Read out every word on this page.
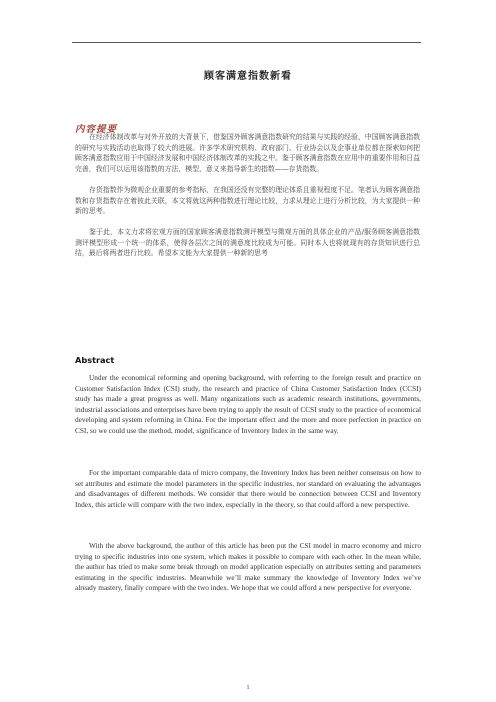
顾客满意指数新看
内容提要
在经济体制改革与对外开放的大背景下，借鉴国外顾客满意指数研究的结果与实践的经验，中国顾客满意指数的研究与实践活动也取得了较大的进展。许多学术研究机构、政府部门、行业协会以及企事业单位都在探索如何把顾客满意指数应用于中国经济发展和中国经济体制改革的实践之中。鉴于顾客满意指数在应用中的重要作用和日益完善，我们可以运用该指数的方法，模型，意义来指导新生的指数——存货指数。
存货指数作为微观企业重要的参考指标，在我国还没有完整的理论体系且重视程度不足。笔者认为顾客满意指数和存货指数存在着彼此关联，本文将就这两种指数进行理论比较，力求从理论上进行分析比较，为大家提供一种新的思考。
鉴于此，本文力求将宏观方面的国家顾客满意指数测评模型与微观方面的具体企业的产品/服务顾客满意指数测评模型形成一个统一的体系，使得各层次之间的满意度比较成为可能。同时本人也将就现有的存货知识进行总结，最后将两者进行比较。希望本文能为大家提供一种新的思考
Abstract
Under the economical reforming and opening background, with referring to the foreign result and practice on Customer Satisfaction Index (CSI) study, the research and practice of China Customer Satisfaction Index (CCSI) study has made a great progress as well. Many organizations such as academic research institutions, governments, industrial associations and enterprises have been trying to apply the result of CCSI study to the practice of economical developing and system reforming in China. For the important effect and the more and more perfection in practice on CSI, so we could use the method, model, significance of Inventory Index in the same way.
For the important comparable data of micro company, the Inventory Index has been neither consensus on how to set attributes and estimate the model parameters in the specific industries, nor standard on evaluating the advantages and disadvantages of different methods. We consider that there would be connection between CCSI and Inventory Index, this article will compare with the two index, especially in the theory, so that could afford a new perspective.
With the above background, the author of this article has been put the CSI model in macro economy and micro trying to specific industries into one system, which makes it possible to compare with each other. In the mean while, the author has tried to make some break through on model application especially on attributes setting and parameters estimating in the specific industries. Meanwhile we’ll make summary the knowledge of Inventory Index we’ve already mastery, finally compare with the two index. We hope that we could afford a new perspective for everyone.
1
